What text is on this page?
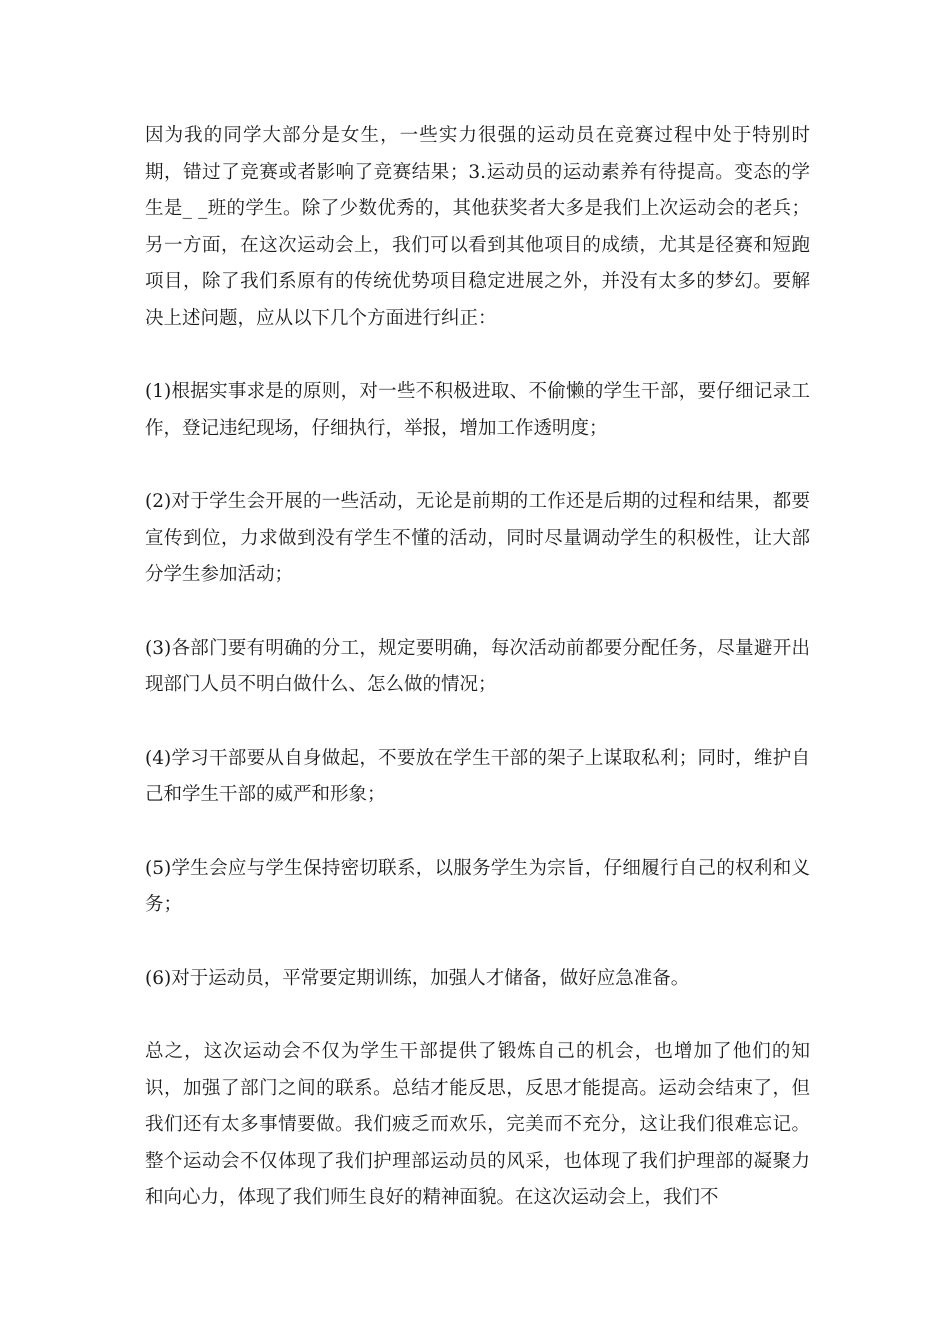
因为我的同学大部分是女生，一些实力很强的运动员在竞赛过程中处于特别时期，错过了竞赛或者影响了竞赛结果；3.运动员的运动素养有待提高。变态的学生是_ _班的学生。除了少数优秀的，其他获奖者大多是我们上次运动会的老兵；另一方面，在这次运动会上，我们可以看到其他项目的成绩，尤其是径赛和短跑项目，除了我们系原有的传统优势项目稳定进展之外，并没有太多的梦幻。要解决上述问题，应从以下几个方面进行纠正：

(1)根据实事求是的原则，对一些不积极进取、不偷懒的学生干部，要仔细记录工作，登记违纪现场，仔细执行，举报，增加工作透明度；

(2)对于学生会开展的一些活动，无论是前期的工作还是后期的过程和结果，都要宣传到位，力求做到没有学生不懂的活动，同时尽量调动学生的积极性，让大部分学生参加活动；

(3)各部门要有明确的分工，规定要明确，每次活动前都要分配任务，尽量避开出现部门人员不明白做什么、怎么做的情况；

(4)学习干部要从自身做起，不要放在学生干部的架子上谋取私利；同时，维护自己和学生干部的威严和形象；

(5)学生会应与学生保持密切联系，以服务学生为宗旨，仔细履行自己的权利和义务；

(6)对于运动员，平常要定期训练，加强人才储备，做好应急准备。

总之，这次运动会不仅为学生干部提供了锻炼自己的机会，也增加了他们的知识，加强了部门之间的联系。总结才能反思，反思才能提高。运动会结束了，但我们还有太多事情要做。我们疲乏而欢乐，完美而不充分，这让我们很难忘记。整个运动会不仅体现了我们护理部运动员的风采，也体现了我们护理部的凝聚力和向心力，体现了我们师生良好的精神面貌。在这次运动会上，我们不
